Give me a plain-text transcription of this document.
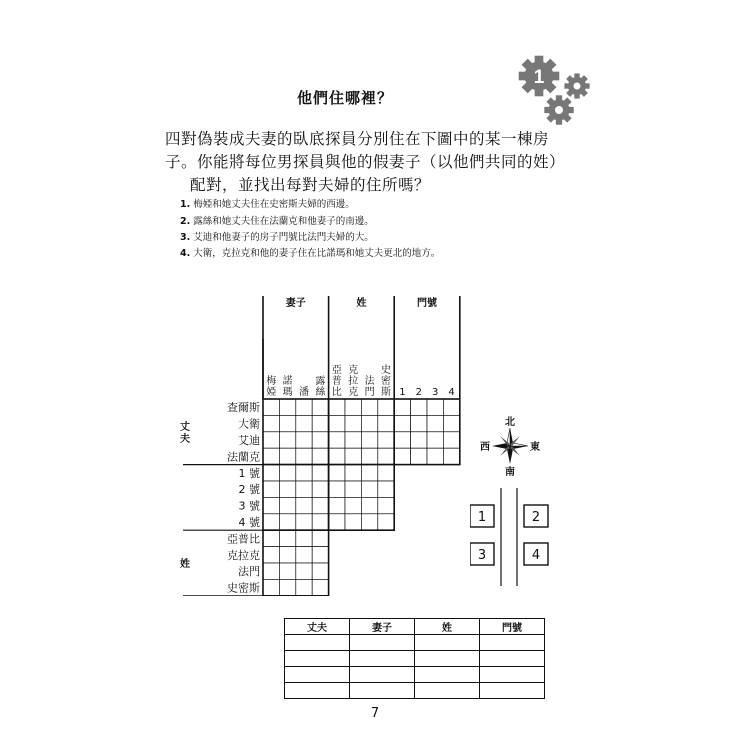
1
他們住哪裡？
四對偽裝成夫妻的臥底探員分別住在下圖中的某一棟房
子。你能將每位男探員與他的假妻子（以他們共同的姓）
配對，並找出每對夫婦的住所嗎？
1. 梅婭和她丈夫住在史密斯夫婦的西邊。
2. 露絲和她丈夫住在法蘭克和他妻子的南邊。
3. 艾迪和他妻子的房子門號比法門夫婦的大。
4. 大衛，克拉克和他的妻子住在比諾瑪和她丈夫更北的地方。
妻子	姓	門號
梅婭
諾瑪 潘
露絲
亞普比
克拉克
法門
史密斯 1 2 3 4
查爾斯
大衛
艾迪
法蘭克
丈
夫
1 號
2 號
3 號
4 號
亞普比
克拉克
法門
史密斯
姓
北
南
西	東
1	2
3	4
丈夫	妻子	姓	門號

7
